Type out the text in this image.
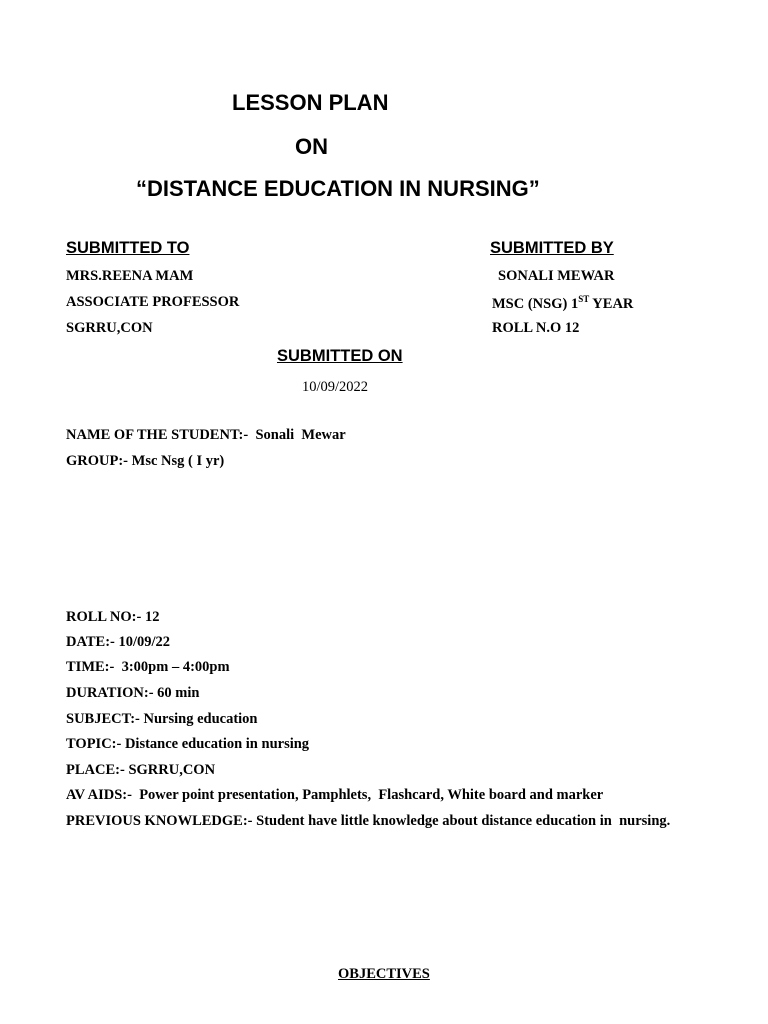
LESSON PLAN
ON
“DISTANCE EDUCATION IN NURSING”
SUBMITTED TO
MRS.REENA MAM
ASSOCIATE PROFESSOR
SGRRU,CON
SUBMITTED BY
SONALI MEWAR
MSC (NSG) 1ST YEAR
ROLL N.O 12
SUBMITTED ON
10/09/2022
NAME OF THE STUDENT:-  Sonali  Mewar
GROUP:- Msc Nsg ( I yr)
ROLL NO:- 12
DATE:- 10/09/22
TIME:-  3:00pm – 4:00pm
DURATION:- 60 min
SUBJECT:- Nursing education
TOPIC:- Distance education in nursing
PLACE:- SGRRU,CON
AV AIDS:-  Power point presentation, Pamphlets,  Flashcard, White board and marker
PREVIOUS KNOWLEDGE:- Student have little knowledge about distance education in  nursing.
OBJECTIVES
